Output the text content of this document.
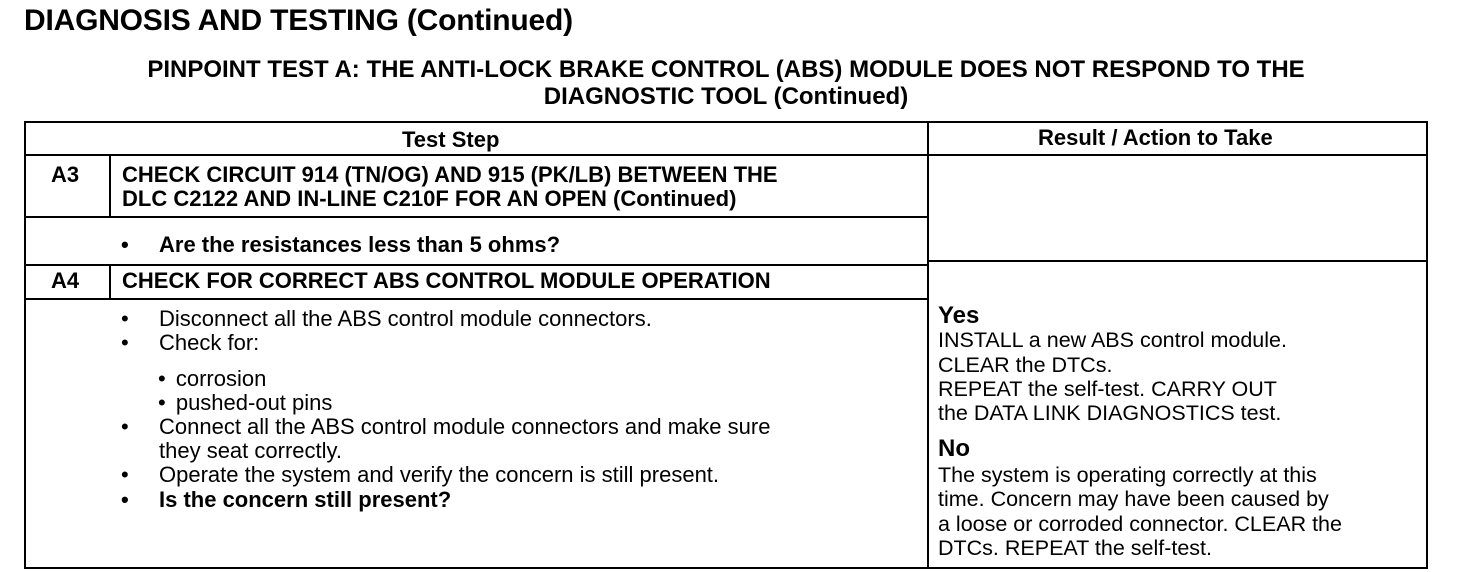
DIAGNOSIS AND TESTING (Continued)
PINPOINT TEST A: THE ANTI-LOCK BRAKE CONTROL (ABS) MODULE DOES NOT RESPOND TO THE
DIAGNOSTIC TOOL (Continued)
Test Step	Result / Action to Take
A3 CHECK CIRCUIT 914 (TN/OG) AND 915 (PK/LB) BETWEEN THE
DLC C2122 AND IN-LINE C210F FOR AN OPEN (Continued)
•	Are the resistances less than 5 ohms?
A4 CHECK FOR CORRECT ABS CONTROL MODULE OPERATION
•	Disconnect all the ABS control module connectors.
•	Check for:
• corrosion
• pushed-out pins
•	Connect all the ABS control module connectors and make sure
they seat correctly.
•	Operate the system and verify the concern is still present.
•	Is the concern still present?
Yes
INSTALL a new ABS control module.
CLEAR the DTCs.
REPEAT the self-test. CARRY OUT
the DATA LINK DIAGNOSTICS test.
No
The system is operating correctly at this
time. Concern may have been caused by
a loose or corroded connector. CLEAR the
DTCs. REPEAT the self-test.
